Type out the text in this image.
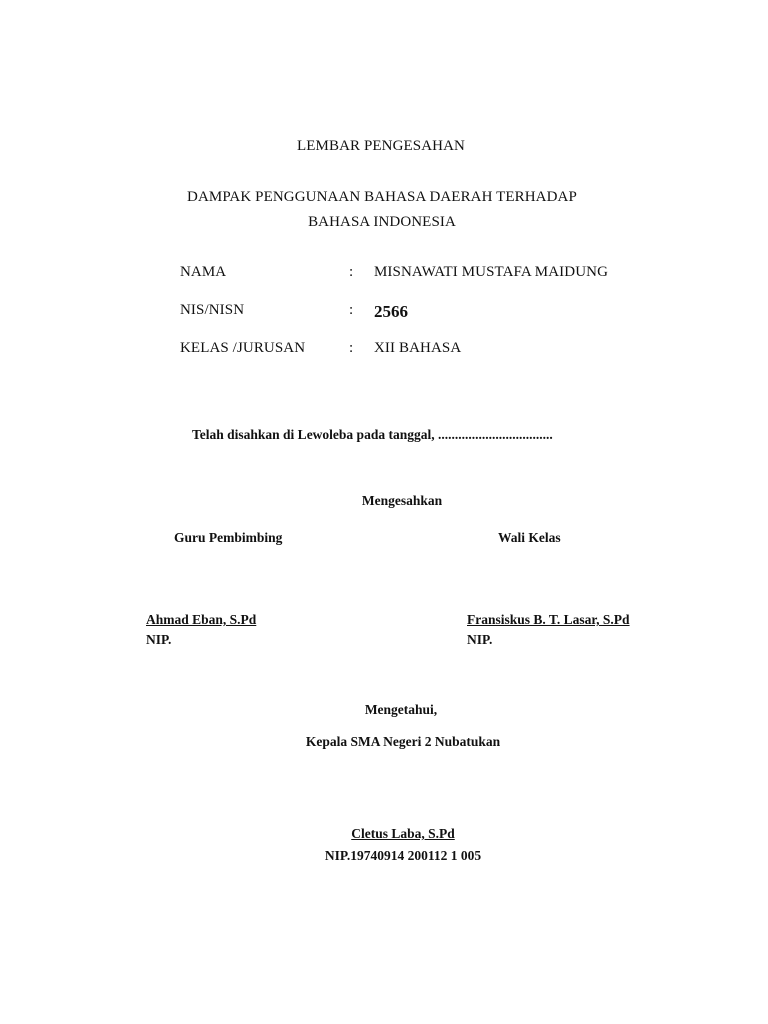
LEMBAR PENGESAHAN
DAMPAK PENGGUNAAN BAHASA DAERAH TERHADAP
BAHASA INDONESIA
NAMA	: MISNAWATI MUSTAFA MAIDUNG
NIS/NISN	: 2566
KELAS /JURUSAN	: XII BAHASA
Telah disahkan di Lewoleba pada tanggal, ..................................
Mengesahkan
Guru Pembimbing	Wali Kelas
Ahmad Eban, S.Pd
NIP.
Fransiskus B. T. Lasar, S.Pd
NIP.
Mengetahui,
Kepala SMA Negeri 2 Nubatukan
Cletus Laba, S.Pd
NIP.19740914 200112 1 005
